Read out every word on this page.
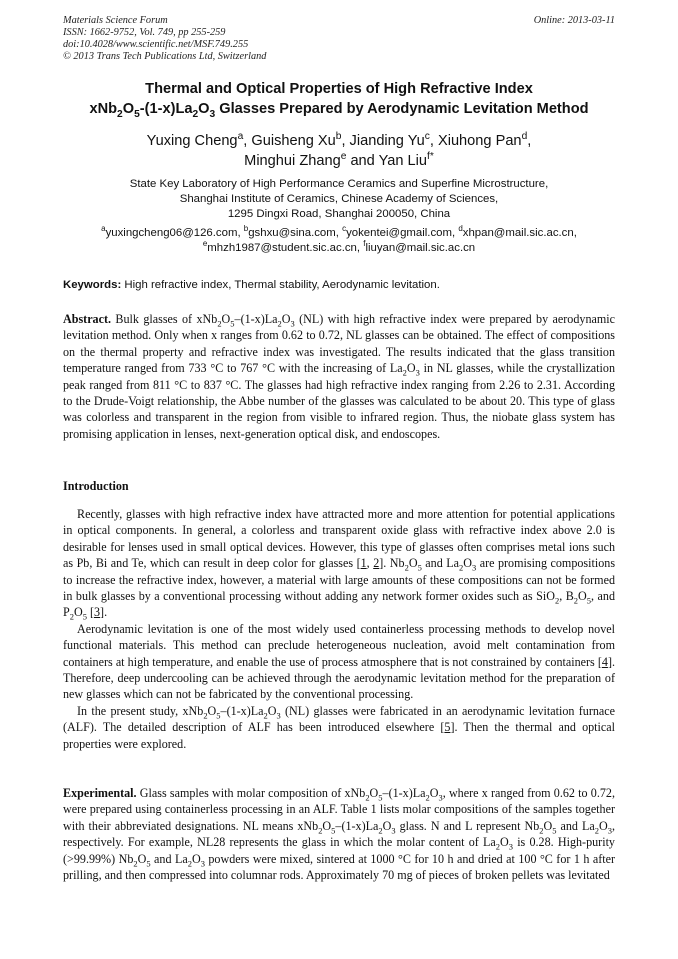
Materials Science Forum
ISSN: 1662-9752, Vol. 749, pp 255-259
doi:10.4028/www.scientific.net/MSF.749.255
© 2013 Trans Tech Publications Ltd, Switzerland
Online: 2013-03-11
Thermal and Optical Properties of High Refractive Index
$xNb_2O_5-(1-x)La_2O_3$ Glasses Prepared by Aerodynamic Levitation Method
Yuxing Cheng$^a$, Guisheng Xu$^b$, Jianding Yu$^c$, Xiuhong Pan$^d$,
Minghui Zhang$^e$ and Yan Liu$^{f*}$
State Key Laboratory of High Performance Ceramics and Superfine Microstructure,
Shanghai Institute of Ceramics, Chinese Academy of Sciences,
1295 Dingxi Road, Shanghai 200050, China
$^a$yuxingcheng06@126.com, $^b$gshxu@sina.com, $^c$yokentei@gmail.com, $^d$xhpan@mail.sic.ac.cn,
$^e$mhzh1987@student.sic.ac.cn, $^f$liuyan@mail.sic.ac.cn
Keywords: High refractive index, Thermal stability, Aerodynamic levitation.

Abstract. Bulk glasses of $xNb_2O_5-(1-x)La_2O_3$ (NL) with high refractive index were prepared by aerodynamic levitation method. Only when x ranges from 0.62 to 0.72, NL glasses can be obtained. The effect of compositions on the thermal property and refractive index was investigated. The results indicated that the glass transition temperature ranged from 733 °C to 767 °C with the increasing of $La_2O_3$ in NL glasses, while the crystallization peak ranged from 811 °C to 837 °C. The glasses had high refractive index ranging from 2.26 to 2.31. According to the Drude-Voigt relationship, the Abbe number of the glasses was calculated to be about 20. This type of glass was colorless and transparent in the region from visible to infrared region. Thus, the niobate glass system has promising application in lenses, next-generation optical disk, and endoscopes.

Introduction

Recently, glasses with high refractive index have attracted more and more attention for potential applications in optical components. In general, a colorless and transparent oxide glass with refractive index above 2.0 is desirable for lenses used in small optical devices. However, this type of glasses often comprises metal ions such as Pb, Bi and Te, which can result in deep color for glasses [1, 2]. $Nb_2O_5$ and $La_2O_3$ are promising compositions to increase the refractive index, however, a material with large amounts of these compositions can not be formed in bulk glasses by a conventional processing without adding any network former oxides such as SiO$_2$, $B_2O_5$, and $P_2O_5$ [3].

Aerodynamic levitation is one of the most widely used containerless processing methods to develop novel functional materials. This method can preclude heterogeneous nucleation, avoid melt contamination from containers at high temperature, and enable the use of process atmosphere that is not constrained by containers [4]. Therefore, deep undercooling can be achieved through the aerodynamic levitation method for the preparation of new glasses which can not be fabricated by the conventional processing.

In the present study, $xNb_2O_5-(1-x)La_2O_3$ (NL) glasses were fabricated in an aerodynamic levitation furnace (ALF). The detailed description of ALF has been introduced elsewhere [5]. Then the thermal and optical properties were explored.

Experimental. Glass samples with molar composition of $xNb_2O_5-(1-x)La_2O_3$, where x ranged from 0.62 to 0.72, were prepared using containerless processing in an ALF. Table 1 lists molar compositions of the samples together with their abbreviated designations. NL means $xNb_2O_5-(1-x)La_2O_3$ glass. N and L represent $Nb_2O_5$ and $La_2O_3$, respectively. For example, NL28 represents the glass in which the molar content of $La_2O_3$ is 0.28. High-purity (>99.99%) $Nb_2O_5$ and $La_2O_3$ powders were mixed, sintered at 1000 °C for 10 h and dried at 100 °C for 1 h after prilling, and then compressed into columnar rods. Approximately 70 mg of pieces of broken pellets was levitated
